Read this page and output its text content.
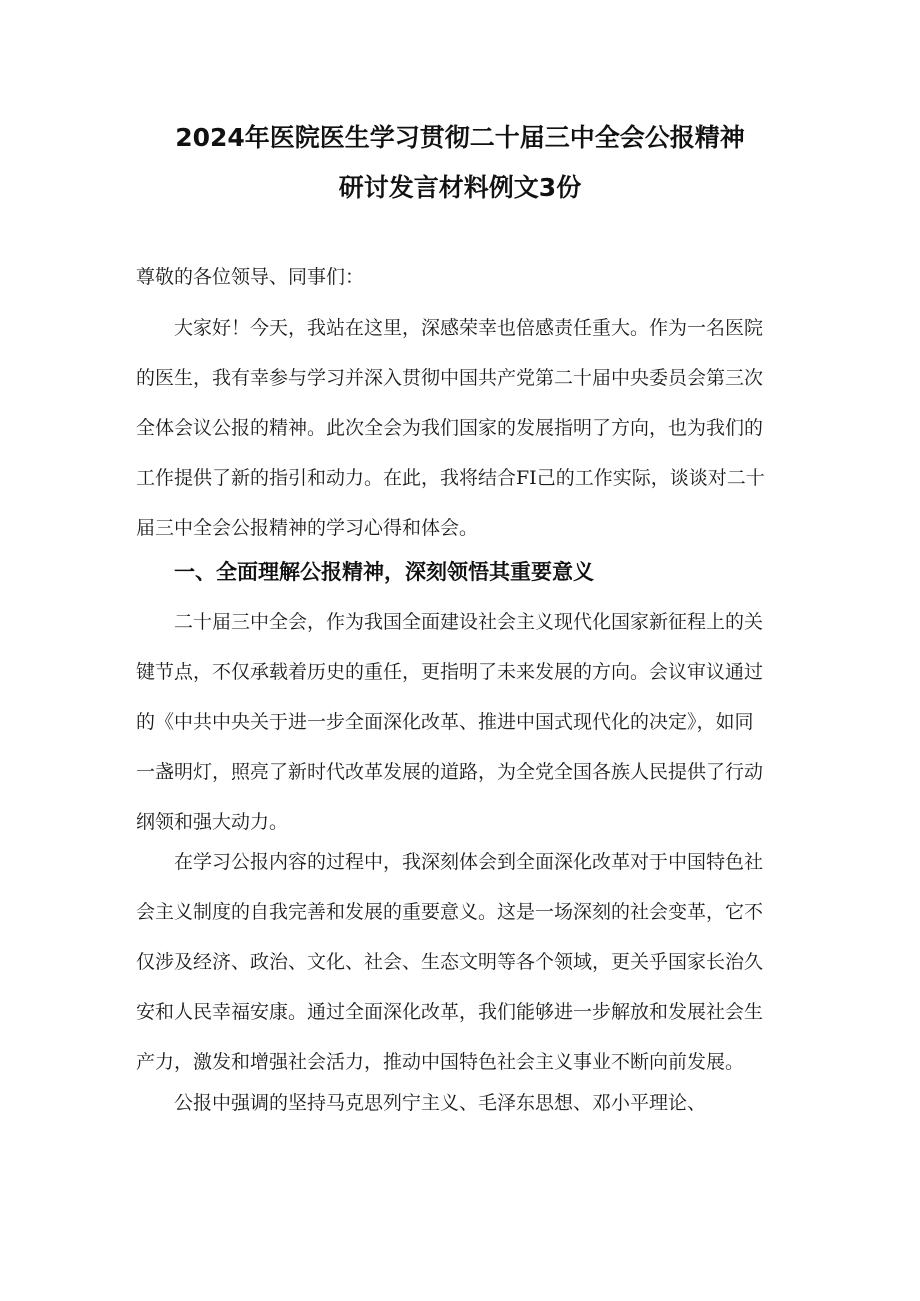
2024年医院医生学习贯彻二十届三中全会公报精神
研讨发言材料例文3份
尊敬的各位领导、同事们：
大家好！今天，我站在这里，深感荣幸也倍感责任重大。作为一名医院
的医生，我有幸参与学习并深入贯彻中国共产党第二十届中央委员会第三次
全体会议公报的精神。此次全会为我们国家的发展指明了方向，也为我们的
工作提供了新的指引和动力。在此，我将结合FI己的工作实际，谈谈对二十
届三中全会公报精神的学习心得和体会。
一、全面理解公报精神，深刻领悟其重要意义
二十届三中全会，作为我国全面建设社会主义现代化国家新征程上的关
键节点，不仅承载着历史的重任，更指明了未来发展的方向。会议审议通过
的《中共中央关于进一步全面深化改革、推进中国式现代化的决定》，如同
一盏明灯，照亮了新时代改革发展的道路，为全党全国各族人民提供了行动
纲领和强大动力。
在学习公报内容的过程中，我深刻体会到全面深化改革对于中国特色社
会主义制度的自我完善和发展的重要意义。这是一场深刻的社会变革，它不
仅涉及经济、政治、文化、社会、生态文明等各个领域，更关乎国家长治久
安和人民幸福安康。通过全面深化改革，我们能够进一步解放和发展社会生
产力，激发和增强社会活力，推动中国特色社会主义事业不断向前发展。
公报中强调的坚持马克思列宁主义、毛泽东思想、邓小平理论、
